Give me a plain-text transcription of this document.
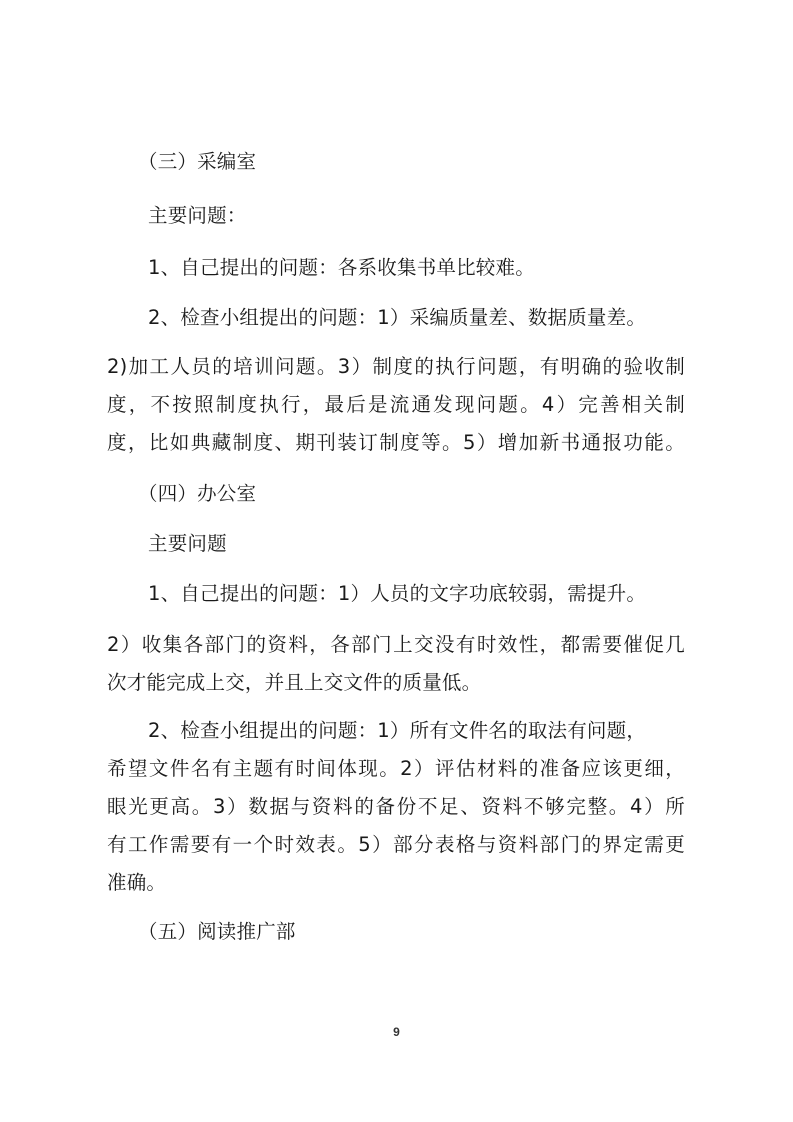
（三）采编室

主要问题：

1、自己提出的问题：各系收集书单比较难。

2、检查小组提出的问题：1）采编质量差、数据质量差。

2)加工人员的培训问题。3）制度的执行问题，有明确的验收制

度，不按照制度执行，最后是流通发现问题。4）完善相关制

度，比如典藏制度、期刊装订制度等。5）增加新书通报功能。

（四）办公室

主要问题

1、自己提出的问题：1）人员的文字功底较弱，需提升。

2）收集各部门的资料，各部门上交没有时效性，都需要催促几

次才能完成上交，并且上交文件的质量低。

2、检查小组提出的问题：1）所有文件名的取法有问题，

希望文件名有主题有时间体现。2）评估材料的准备应该更细，

眼光更高。3）数据与资料的备份不足、资料不够完整。4）所

有工作需要有一个时效表。5）部分表格与资料部门的界定需更

准确。

（五）阅读推广部

9
